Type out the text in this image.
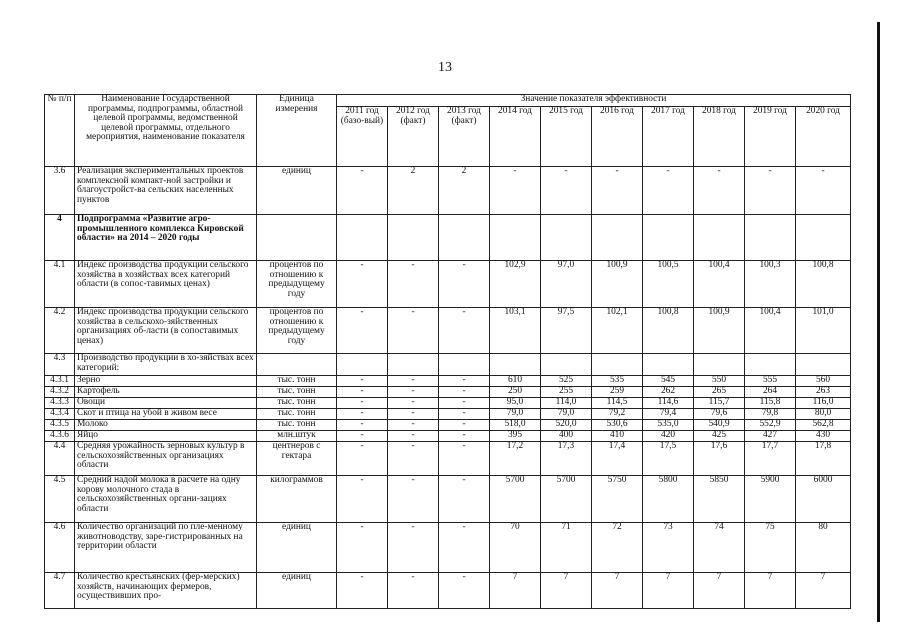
13
№ п/п	Наименование Государственной программы, подпрограммы, областной целевой программы, ведомственной целевой программы, отдельного мероприятия, наименование показателя	Единица измерения	Значение показателя эффективности									
			2011 год (базо-вый)	2012 год (факт)	2013 год (факт)	2014 год	2015 год	2016 год	2017 год	2018 год	2019 год	2020 год
3.6	Реализация экспериментальных проектов комплексной компакт-ной застройки и благоустройст-ва сельских населенных пунктов	единиц	-	2	2	-	-	-	-	-	-	-
4	Подпрограмма «Развитие агро-промышленного комплекса Кировской области» на 2014 – 2020 годы											
4.1	Индекс производства продукции сельского хозяйства в хозяйствах всех категорий области (в сопос-тавимых ценах)	процентов по отношению к предыдущему году	-	-	-	102,9	97,0	100,9	100,5	100,4	100,3	100,8
4.2	Индекс производства продукции сельского хозяйства в сельскохо-зяйственных организациях об-ласти (в сопоставимых ценах)	процентов по отношению к предыдущему году	-	-	-	103,1	97,5	102,1	100,8	100,9	100,4	101,0
4.3	Производство продукции в хо-зяйствах всех категорий:											
4.3.1	Зерно	тыс. тонн	-	-	-	610	525	535	545	550	555	560
4.3.2	Картофель	тыс. тонн	-	-	-	250	255	259	262	265	264	263
4.3.3	Овощи	тыс. тонн	-	-	-	95,0	114,0	114,5	114,6	115,7	115,8	116,0
4.3.4	Скот и птица на убой в живом весе	тыс. тонн	-	-	-	79,0	79,0	79,2	79,4	79,6	79,8	80,0
4.3.5	Молоко	тыс. тонн	-	-	-	518,0	520,0	530,6	535,0	540,9	552,9	562,8
4.3.6	Яйцо	млн.штук	-	-	-	395	400	410	420	425	427	430
4.4	Средняя урожайность зерновых культур в сельскохозяйственных организациях области	центнеров с гектара	-	-	-	17,2	17,3	17,4	17,5	17,6	17,7	17,8
4.5	Средний надой молока в расчете на одну корову молочного стада в сельскохозяйственных органи-зациях области	килограммов	-	-	-	5700	5700	5750	5800	5850	5900	6000
4.6	Количество организаций по пле-менному животноводству, заре-гистрированных на территории области	единиц	-	-	-	70	71	72	73	74	75	80
4.7	Количество крестьянских (фер-мерских) хозяйств, начинающих фермеров, осуществивших про-	единиц	-	-	-	7	7	7	7	7	7	7
